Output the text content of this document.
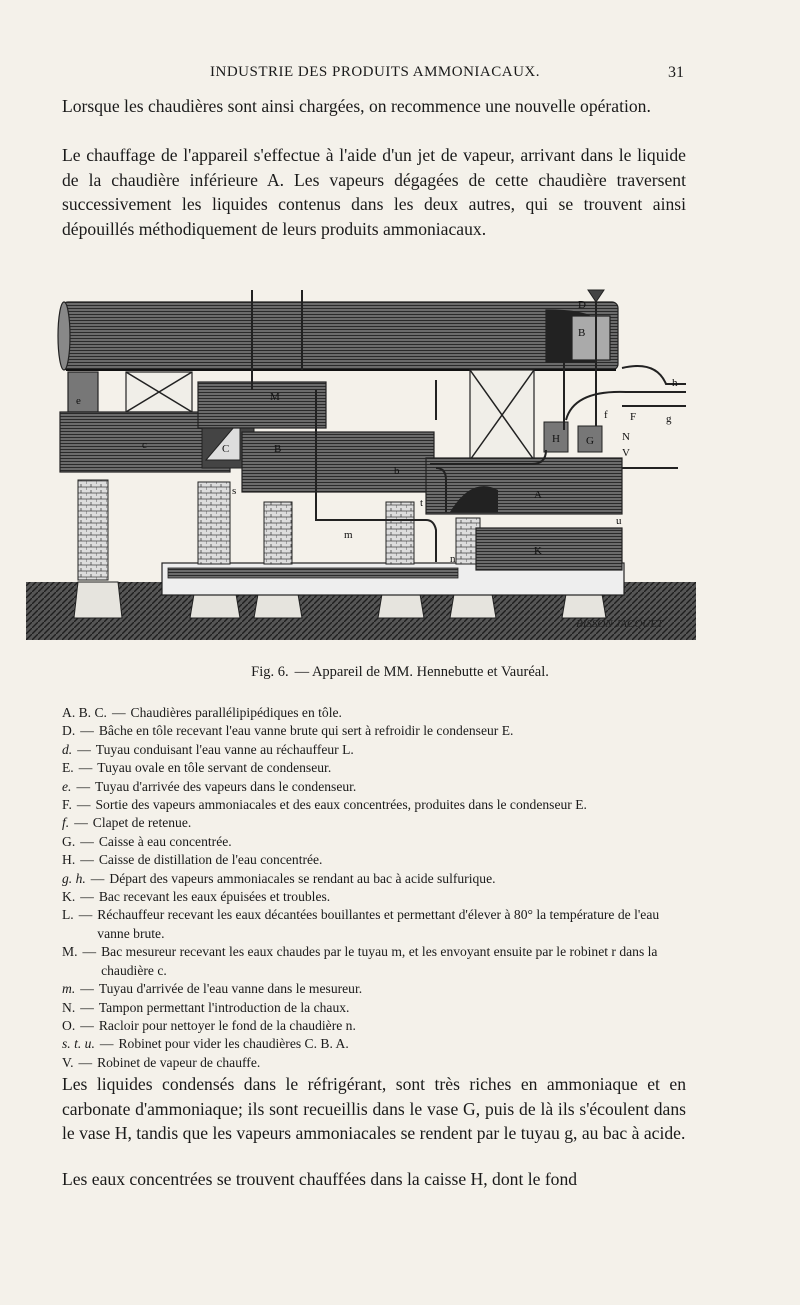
INDUSTRIE DES PRODUITS AMMONIACAUX.	31

Lorsque les chaudières sont ainsi chargées, on recommence une nouvelle opération.

Le chauffage de l'appareil s'effectue à l'aide d'un jet de vapeur, arrivant dans le liquide de la chaudière inférieure A. Les vapeurs dégagées de cette chaudière traversent successivement les liquides contenus dans les deux autres, qui se trouvent ainsi dépouillés méthodiquement de leurs produits ammoniacaux.

D
B
c
e	M
C	B
b
A
H G
f F
N
V
h
g
K
s
t
m
u
n
BISSON JACQUET
Fig. 6. — Appareil de MM. Hennebutte et Vauréal.
A. B. C. — Chaudières parallélipipédiques en tôle.
D. — Bâche en tôle recevant l'eau vanne brute qui sert à refroidir le condenseur E.
d. — Tuyau conduisant l'eau vanne au réchauffeur L.
E. — Tuyau ovale en tôle servant de condenseur.
e. — Tuyau d'arrivée des vapeurs dans le condenseur.
F. — Sortie des vapeurs ammoniacales et des eaux concentrées, produites dans le condenseur E.
f. — Clapet de retenue.
G. — Caisse à eau concentrée.
H. — Caisse de distillation de l'eau concentrée.
g. h. — Départ des vapeurs ammoniacales se rendant au bac à acide sulfurique.
K. — Bac recevant les eaux épuisées et troubles.
L. — Réchauffeur recevant les eaux décantées bouillantes et permettant d'élever à 80° la température de l'eau vanne brute.
M. — Bac mesureur recevant les eaux chaudes par le tuyau m, et les envoyant ensuite par le robinet r dans la chaudière c.
m. — Tuyau d'arrivée de l'eau vanne dans le mesureur.
N. — Tampon permettant l'introduction de la chaux.
O. — Racloir pour nettoyer le fond de la chaudière n.
s. t. u. — Robinet pour vider les chaudières C. B. A.
V. — Robinet de vapeur de chauffe.

Les liquides condensés dans le réfrigérant, sont très riches en ammoniaque et en carbonate d'ammoniaque; ils sont recueillis dans le vase G, puis de là ils s'écoulent dans le vase H, tandis que les vapeurs ammoniacales se rendent par le tuyau g, au bac à acide.

Les eaux concentrées se trouvent chauffées dans la caisse H, dont le fond
